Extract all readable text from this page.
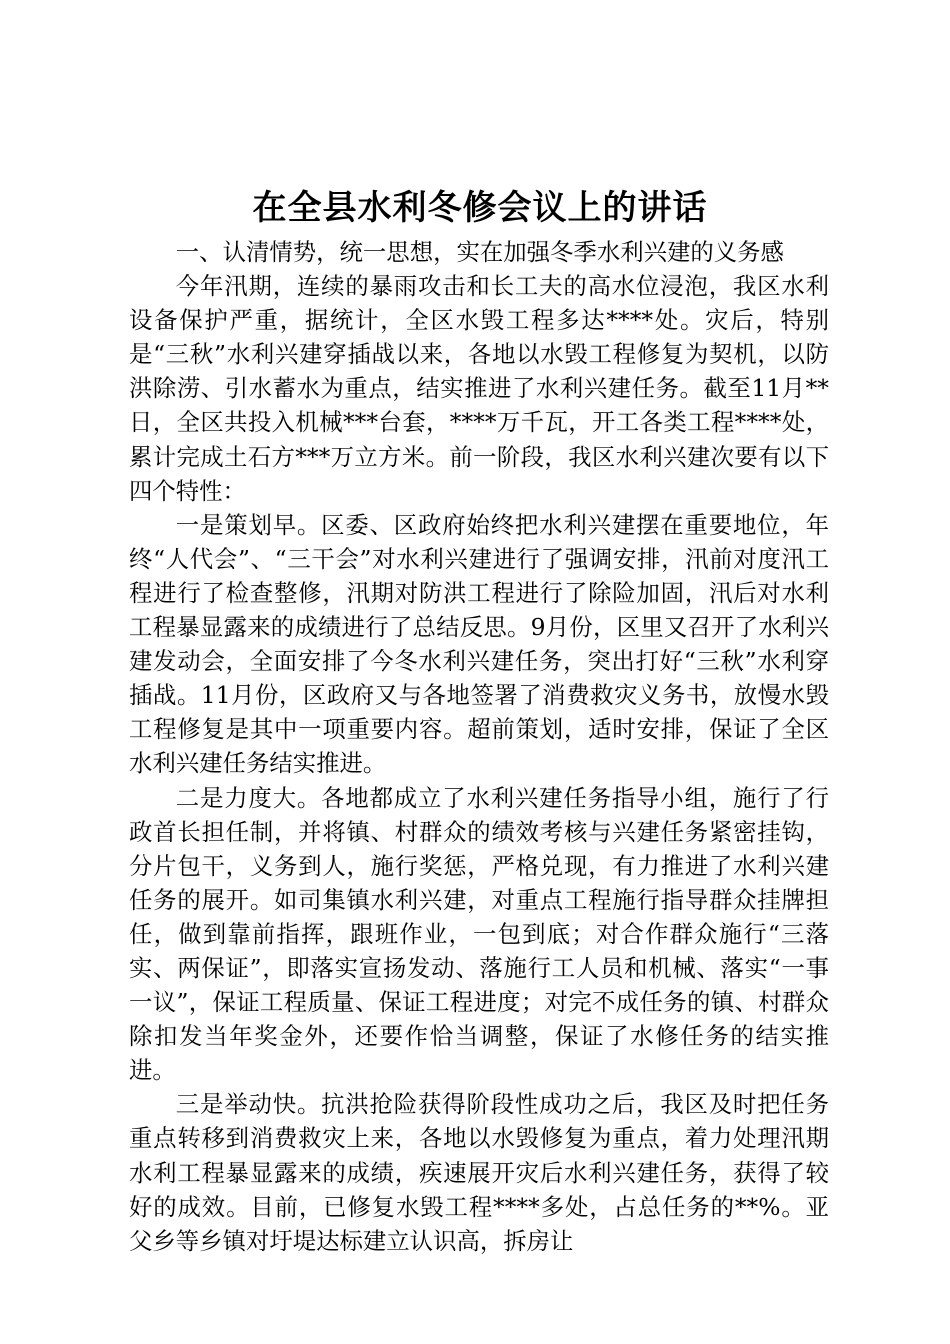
在全县水利冬修会议上的讲话

一、认清情势，统一思想，实在加强冬季水利兴建的义务感

今年汛期，连续的暴雨攻击和长工夫的高水位浸泡，我区水利设备保护严重，据统计，全区水毁工程多达****处。灾后，特别是“三秋”水利兴建穿插战以来，各地以水毁工程修复为契机，以防洪除涝、引水蓄水为重点，结实推进了水利兴建任务。截至11月**日，全区共投入机械***台套，****万千瓦，开工各类工程****处，累计完成土石方***万立方米。前一阶段，我区水利兴建次要有以下四个特性：

一是策划早。区委、区政府始终把水利兴建摆在重要地位，年终“人代会”、“三干会”对水利兴建进行了强调安排，汛前对度汛工程进行了检查整修，汛期对防洪工程进行了除险加固，汛后对水利工程暴显露来的成绩进行了总结反思。9月份，区里又召开了水利兴建发动会，全面安排了今冬水利兴建任务，突出打好“三秋”水利穿插战。11月份，区政府又与各地签署了消费救灾义务书，放慢水毁工程修复是其中一项重要内容。超前策划，适时安排，保证了全区水利兴建任务结实推进。

二是力度大。各地都成立了水利兴建任务指导小组，施行了行政首长担任制，并将镇、村群众的绩效考核与兴建任务紧密挂钩，分片包干，义务到人，施行奖惩，严格兑现，有力推进了水利兴建任务的展开。如司集镇水利兴建，对重点工程施行指导群众挂牌担任，做到靠前指挥，跟班作业，一包到底；对合作群众施行“三落实、两保证”，即落实宣扬发动、落施行工人员和机械、落实“一事一议”，保证工程质量、保证工程进度；对完不成任务的镇、村群众除扣发当年奖金外，还要作恰当调整，保证了水修任务的结实推进。

三是举动快。抗洪抢险获得阶段性成功之后，我区及时把任务重点转移到消费救灾上来，各地以水毁修复为重点，着力处理汛期水利工程暴显露来的成绩，疾速展开灾后水利兴建任务，获得了较好的成效。目前，已修复水毁工程****多处，占总任务的**%。亚父乡等乡镇对圩堤达标建立认识高，拆房让
